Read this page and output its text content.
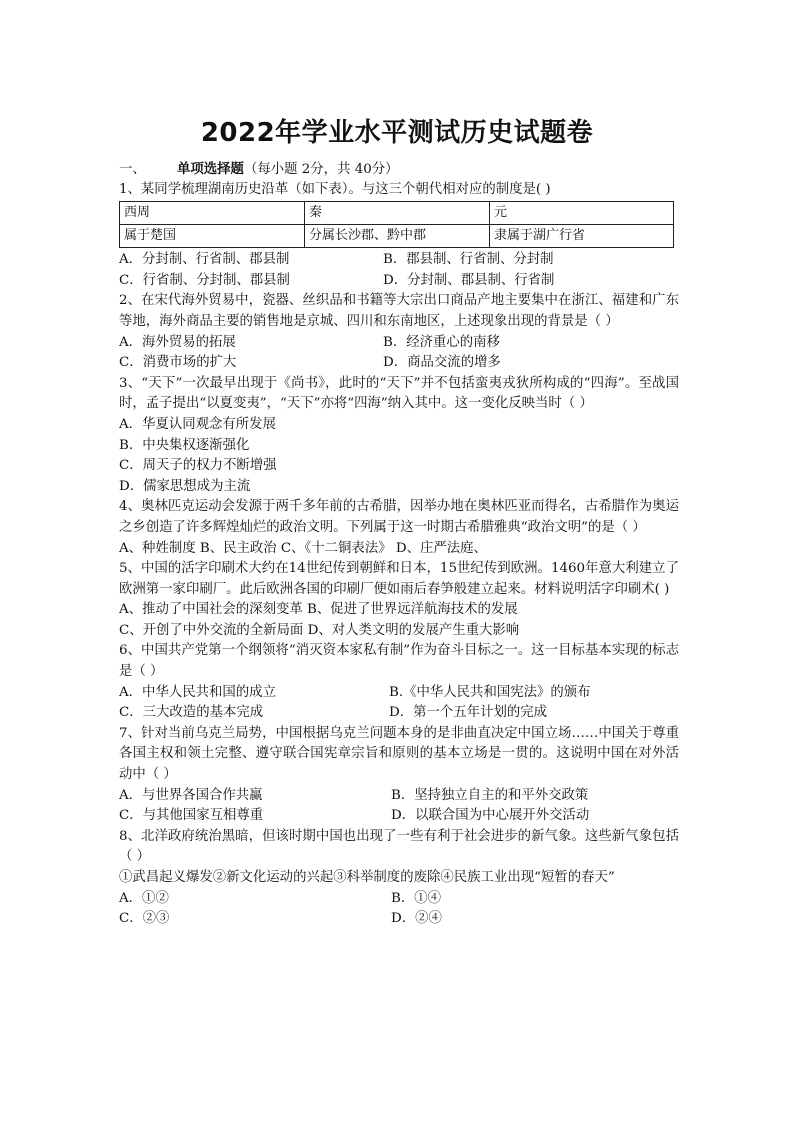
2022年学业水平测试历史试题卷
一、 单项选择题（每小题 2分，共 40分）
1、某同学梳理湖南历史沿革（如下表）。与这三个朝代相对应的制度是( )
西周	秦	元
属于楚国	分属长沙郡、黔中郡	隶属于湖广行省
A．分封制、行省制、郡县制	B．郡县制、行省制、分封制
C．行省制、分封制、郡县制	D．分封制、郡县制、行省制
2、在宋代海外贸易中，瓷器、丝织品和书籍等大宗出口商品产地主要集中在浙江、福建和广东等地，海外商品主要的销售地是京城、四川和东南地区，上述现象出现的背景是（ ）
A．海外贸易的拓展	B．经济重心的南移
C．消费市场的扩大	D．商品交流的增多
3、“天下”一次最早出现于《尚书》，此时的“天下”并不包括蛮夷戎狄所构成的“四海”。至战国时，孟子提出“以夏变夷”，“天下”亦将“四海”纳入其中。这一变化反映当时（ ）
A．华夏认同观念有所发展
B．中央集权逐渐强化
C．周天子的权力不断增强
D．儒家思想成为主流
4、奥林匹克运动会发源于两千多年前的古希腊，因举办地在奥林匹亚而得名，古希腊作为奥运之乡创造了许多辉煌灿烂的政治文明。下列属于这一时期古希腊雅典“政治文明”的是（ ）
A、种姓制度 B、民主政治 C、《十二铜表法》 D、庄严法庭、
5、中国的活字印刷术大约在14世纪传到朝鲜和日本，15世纪传到欧洲。1460年意大利建立了欧洲第一家印刷厂。此后欧洲各国的印刷厂便如雨后春笋般建立起来。材料说明活字印刷术( )
A、推动了中国社会的深刻变革 B、促进了世界远洋航海技术的发展
C、开创了中外交流的全新局面 D、对人类文明的发展产生重大影响
6、中国共产党第一个纲领将“消灭资本家私有制”作为奋斗目标之一。这一目标基本实现的标志是（ ）
A．中华人民共和国的成立	B.《中华人民共和国宪法》的颁布
C．三大改造的基本完成	D．第一个五年计划的完成
7、针对当前乌克兰局势，中国根据乌克兰问题本身的是非曲直决定中国立场……中国关于尊重各国主权和领土完整、遵守联合国宪章宗旨和原则的基本立场是一贯的。这说明中国在对外活动中（ ）
A．与世界各国合作共赢	B．坚持独立自主的和平外交政策
C．与其他国家互相尊重	D．以联合国为中心展开外交活动
8、北洋政府统治黑暗，但该时期中国也出现了一些有利于社会进步的新气象。这些新气象包括（ ）
①武昌起义爆发②新文化运动的兴起③科举制度的废除④民族工业出现“短暂的春天”
A．①②	B．①④
C．②③	D．②④
